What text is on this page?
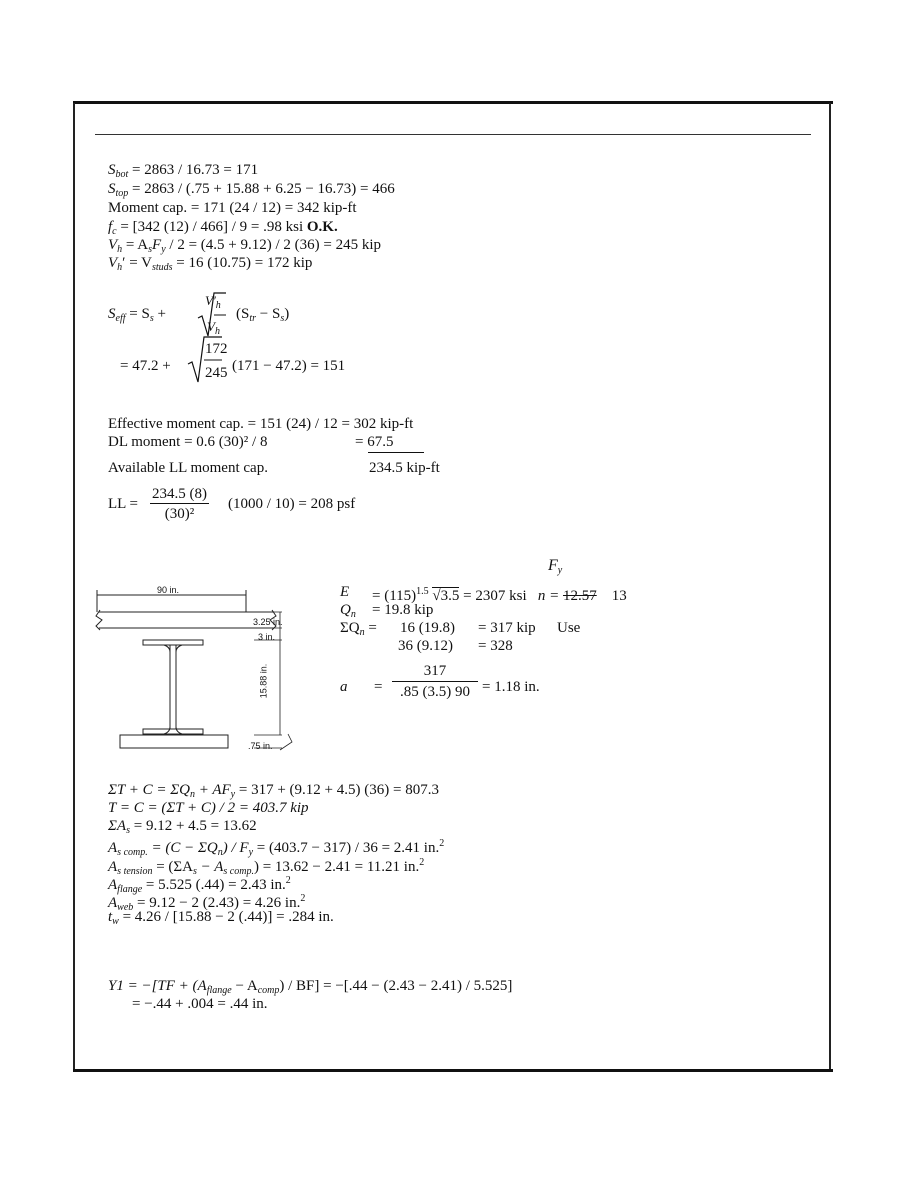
$S_{bot} = 2863 / 16.73 = 171$
$S_{top} = 2863 / (.75 + 15.88 + 6.25 - 16.73) = 466$
Moment cap. = 171 (24 / 12) = 342 kip-ft
$f_c = [342$ (12) / 466] / 9 = .98 ksi O.K.
$V_h = A_sF_y / 2 = (4.5 + 9.12) / 2$ (36) = 245 kip
$V_h' = V_{studs} = 16$ (10.75) = 172 kip
$S_{eff} = S_s$ +
$V'_h$
$V_h$
$(S_{tr} - S_s)$
= 47.2 +
172
245 (171 − 47.2) = 151
Effective moment cap. = 151 (24) / 12 = 302 kip-ft
DL moment = 0.6 (30)² / 8	= 67.5
Available LL moment cap.	234.5 kip-ft
LL = $\frac{234.5 (8)}{\text{(30)²}} (1000 / 10) = 208$ psf
$F_y$
90 in.
3.25 in.
3 in.
15.88 in.
.75 in.
$E = (115)^{1.5}$ √3.5 = 2307 ksi n = 12.57 13
$Q_n = 19.8$ kip
$\Sigma Q_n = 16$ (19.8) = 317 kip Use
36 (9.12) = 328
$a = \frac{317}{.85 (3.5) 90} = 1.18$ in.
$\Sigma T + C = \Sigma Q_n + AF_y = 317 + (9.12 + 4.5) (36) = 807.3$
T = C = (ΣT + C) / 2 = 403.7 kip
$\Sigma A_s = 9.12 + 4.5 = 13.62$
$A_{s comp.} = (C - \Sigma Q_n) / F_y = (403.7 - 317) / 36 = 2.41$ in.$^2$
$A_{s tension} = (\Sigma A_s - A_{s comp.}) = 13.62 - 2.41 = 11.21$ in.$^2$
$A_{flange} = 5.525$ (.44) = 2.43 in.$^2$
$A_{web} = 9.12 - 2$ (2.43) = 4.26 in.$^2$
$t_w = 4.26 / [15.88 - 2$ (.44)] = .284 in.
$Y1 = -[TF + (A_{flange} - A_{comp}) / BF] = -[.44 - (2.43 - 2.41) / 5.525]$
= −.44 + .004 = .44 in.
